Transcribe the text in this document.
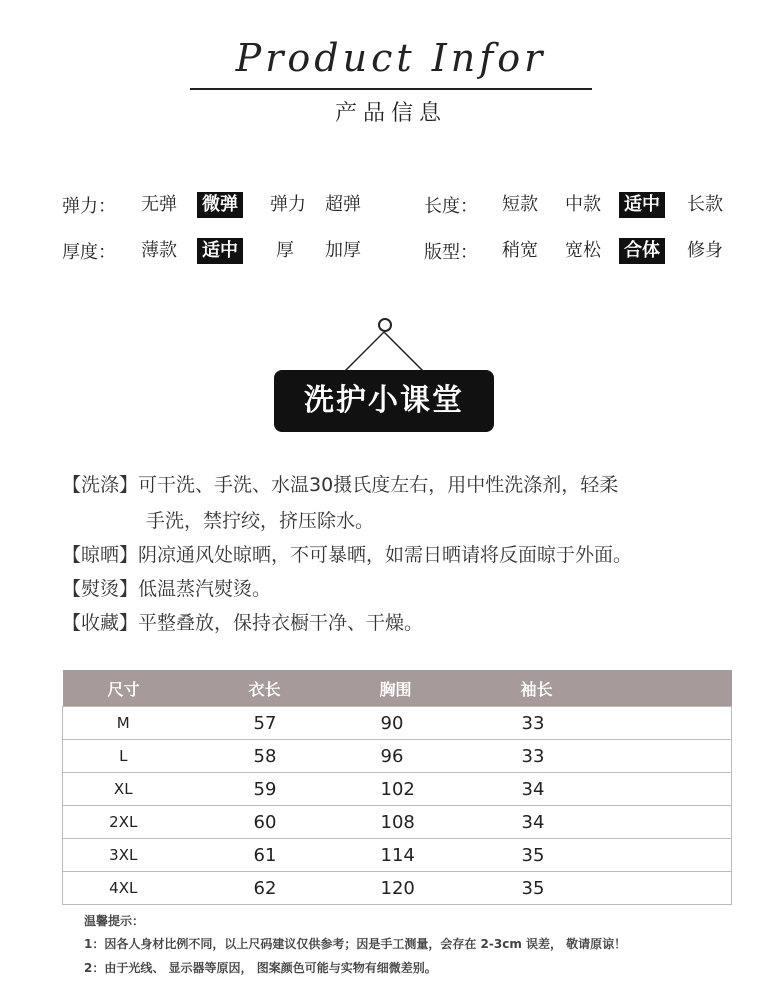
Product Infor
产品信息
弹力： 无弹 微弹 弹力 超弹	长度： 短款 中款 适中 长款
厚度： 薄款 适中 厚 加厚	版型： 稍宽 宽松 合体 修身
洗护小课堂
【洗涤】可干洗、手洗、水温30摄氏度左右，用中性洗涤剂，轻柔
手洗，禁拧绞，挤压除水。
【晾晒】阴凉通风处晾晒，不可暴晒，如需日晒请将反面晾于外面。
【熨烫】低温蒸汽熨烫。
【收藏】平整叠放，保持衣橱干净、干燥。
尺寸	衣长	胸围	袖长
M	57	90	33
L	58	96	33
XL	59	102	34
2XL	60	108	34
3XL	61	114	35
4XL	62	120	35
温馨提示：
1：因各人身材比例不同，以上尺码建议仅供参考；因是手工测量，会存在 2-3cm 误差， 敬请原谅！
2：由于光线、 显示器等原因， 图案颜色可能与实物有细微差别。
